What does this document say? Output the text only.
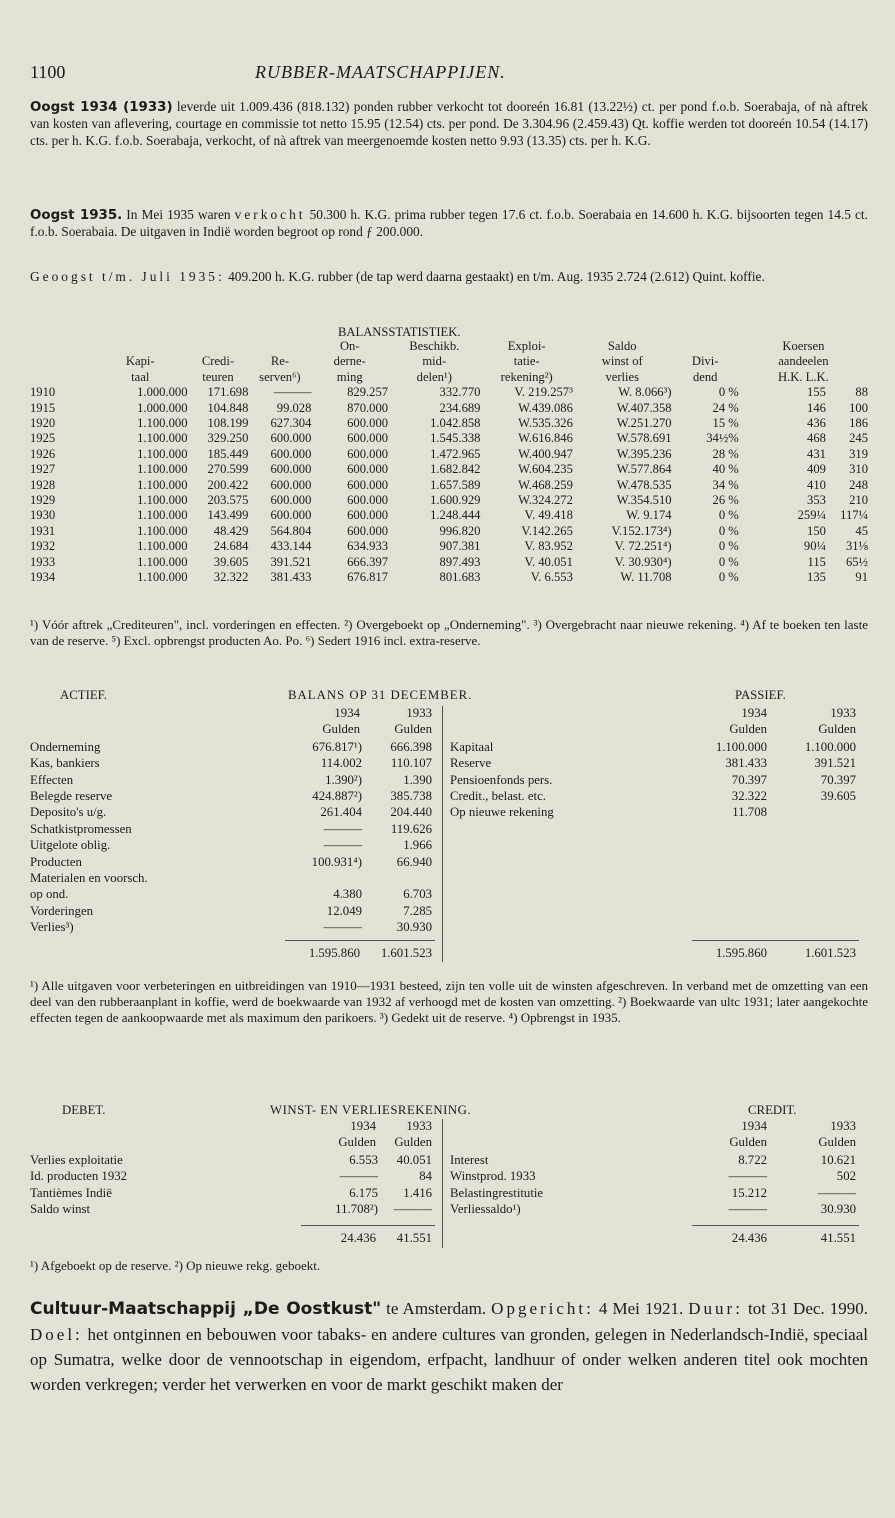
1100	RUBBER-MAATSCHAPPIJEN.
Oogst 1934 (1933) leverde uit 1.009.436 (818.132) ponden rubber verkocht tot dooreén 16.81 (13.22½) ct. per pond f.o.b. Soerabaja, of nà aftrek van kosten van aflevering, courtage en commissie tot netto 15.95 (12.54) cts. per pond. De 3.304.96 (2.459.43) Qt. koffie werden tot dooreén 10.54 (14.17) cts. per h. K.G. f.o.b. Soerabaja, verkocht, of nà aftrek van meergenoemde kosten netto 9.93 (13.35) cts. per h. K.G.
Oogst 1935. In Mei 1935 waren verkocht 50.300 h. K.G. prima rubber tegen 17.6 ct. f.o.b. Soerabaia en 14.600 h. K.G. bijsoorten tegen 14.5 ct. f.o.b. Soerabaia. De uitgaven in Indië worden begroot op rond ƒ 200.000.
Geoogst t/m. Juli 1935: 409.200 h. K.G. rubber (de tap werd daarna gestaakt) en t/m. Aug. 1935 2.724 (2.612) Quint. koffie.
BALANSSTATISTIEK.
				On-	Beschikb.	Exploi-	Saldo		Koersen	
	Kapi-	Credi-	Re-	derne-	mid-	tatie-	winst of	Divi-	aandeelen	
	taal	teuren	serven⁶)	ming	delen¹)	rekening²)	verlies	dend	H.K. L.K.	
1910	1.000.000	171.698	———	829.257	332.770	V. 219.257³	W. 8.066³)	0 %	155	88
1915	1.000.000	104.848	99.028	870.000	234.689	W.439.086	W.407.358	24 %	146	100
1920	1.100.000	108.199	627.304	600.000	1.042.858	W.535.326	W.251.270	15 %	436	186
1925	1.100.000	329.250	600.000	600.000	1.545.338	W.616.846	W.578.691	34½%	468	245
1926	1.100.000	185.449	600.000	600.000	1.472.965	W.400.947	W.395.236	28 %	431	319
1927	1.100.000	270.599	600.000	600.000	1.682.842	W.604.235	W.577.864	40 %	409	310
1928	1.100.000	200.422	600.000	600.000	1.657.589	W.468.259	W.478.535	34 %	410	248
1929	1.100.000	203.575	600.000	600.000	1.600.929	W.324.272	W.354.510	26 %	353	210
1930	1.100.000	143.499	600.000	600.000	1.248.444	V. 49.418	W. 9.174	0 %	259¼	117¼
1931	1.100.000	48.429	564.804	600.000	996.820	V.142.265	V.152.173⁴)	0 %	150	45
1932	1.100.000	24.684	433.144	634.933	907.381	V. 83.952	V. 72.251⁴)	0 %	90¼	31⅛
1933	1.100.000	39.605	391.521	666.397	897.493	V. 40.051	V. 30.930⁴)	0 %	115	65½
1934	1.100.000	32.322	381.433	676.817	801.683	V. 6.553	W. 11.708	0 %	135	91
¹) Vóór aftrek „Crediteuren", incl. vorderingen en effecten. ²) Overgeboekt op „Onderneming". ³) Overgebracht naar nieuwe rekening. ⁴) Af te boeken ten laste van de reserve. ⁵) Excl. opbrengst producten Ao. Po. ⁶) Sedert 1916 incl. extra-reserve.
ACTIEF.	BALANS OP 31 DECEMBER.	PASSIEF.
1934	1933	1934	1933
Gulden	Gulden	Gulden	Gulden
Onderneming	676.817¹)	666.398
Kas, bankiers	114.002	110.107
Effecten	1.390²)	1.390
Belegde reserve	424.887²)	385.738
Deposito's u/g.	261.404	204.440
Schatkistpromessen	———	119.626
Uitgelote oblig.	———	1.966
Producten	100.931⁴)	66.940
Materialen en voorsch.
op ond.	4.380	6.703
Vorderingen	12.049	7.285
Verlies³)	———	30.930
Kapitaal	1.100.000	1.100.000
Reserve	381.433	391.521
Pensioenfonds pers.	70.397	70.397
Credit., belast. etc.	32.322	39.605
Op nieuwe rekening	11.708
1.595.860	1.601.523	1.595.860	1.601.523
¹) Alle uitgaven voor verbeteringen en uitbreidingen van 1910—1931 besteed, zijn ten volle uit de winsten afgeschreven. In verband met de omzetting van een deel van den rubberaanplant in koffie, werd de boekwaarde van 1932 af verhoogd met de kosten van omzetting. ²) Boekwaarde van ultc 1931; later aangekochte effecten tegen de aankoopwaarde met als maximum den parikoers. ³) Gedekt uit de reserve. ⁴) Opbrengst in 1935.
DEBET.	WINST- EN VERLIESREKENING.	CREDIT.
1934	1933	1934	1933
Gulden	Gulden	Gulden	Gulden
Verlies exploitatie	6.553	40.051
Id. producten 1932	———	84
Tantièmes Indië	6.175	1.416
Saldo winst	11.708²)	———
Interest	8.722	10.621
Winstprod. 1933	———	502
Belastingrestitutie	15.212	———
Verliessaldo¹)	———	30.930
24.436	41.551	24.436	41.551
¹) Afgeboekt op de reserve. ²) Op nieuwe rekg. geboekt.
Cultuur-Maatschappij „De Oostkust" te Amsterdam. Opgericht: 4 Mei 1921. Duur: tot 31 Dec. 1990. Doel: het ontginnen en bebouwen voor tabaks- en andere cultures van gronden, gelegen in Nederlandsch-Indië, speciaal op Sumatra, welke door de vennootschap in eigendom, erfpacht, landhuur of onder welken anderen titel ook mochten worden verkregen; verder het verwerken en voor de markt geschikt maken der
